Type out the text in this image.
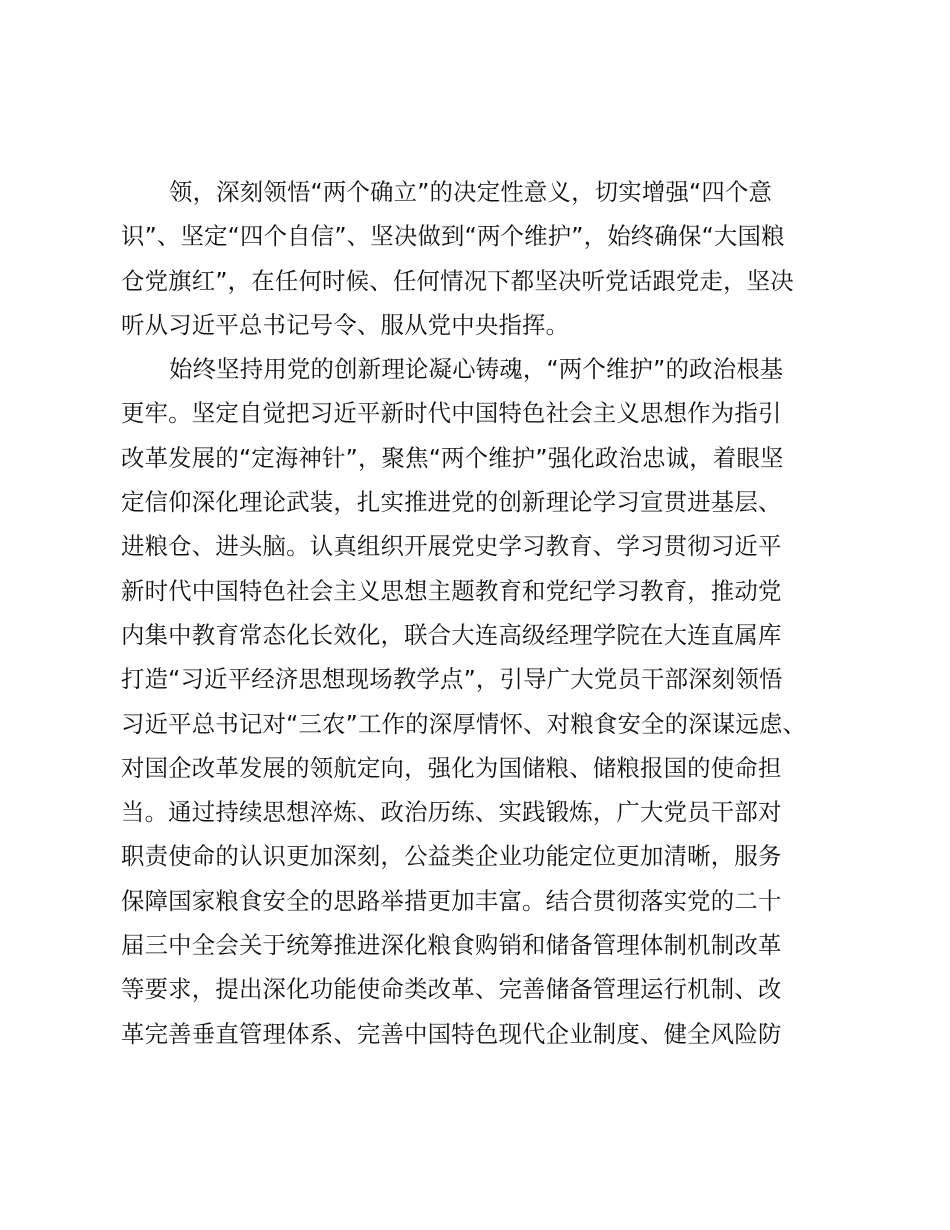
领，深刻领悟“两个确立”的决定性意义，切实增强“四个意
识”、坚定“四个自信”、坚决做到“两个维护”，始终确保“大国粮
仓党旗红”，在任何时候、任何情况下都坚决听党话跟党走，坚决
听从习近平总书记号令、服从党中央指挥。
始终坚持用党的创新理论凝心铸魂，“两个维护”的政治根基
更牢。坚定自觉把习近平新时代中国特色社会主义思想作为指引
改革发展的“定海神针”，聚焦“两个维护”强化政治忠诚，着眼坚
定信仰深化理论武装，扎实推进党的创新理论学习宣贯进基层、
进粮仓、进头脑。认真组织开展党史学习教育、学习贯彻习近平
新时代中国特色社会主义思想主题教育和党纪学习教育，推动党
内集中教育常态化长效化，联合大连高级经理学院在大连直属库
打造“习近平经济思想现场教学点”，引导广大党员干部深刻领悟
习近平总书记对“三农”工作的深厚情怀、对粮食安全的深谋远虑、
对国企改革发展的领航定向，强化为国储粮、储粮报国的使命担
当。通过持续思想淬炼、政治历练、实践锻炼，广大党员干部对
职责使命的认识更加深刻，公益类企业功能定位更加清晰，服务
保障国家粮食安全的思路举措更加丰富。结合贯彻落实党的二十
届三中全会关于统筹推进深化粮食购销和储备管理体制机制改革
等要求，提出深化功能使命类改革、完善储备管理运行机制、改
革完善垂直管理体系、完善中国特色现代企业制度、健全风险防
